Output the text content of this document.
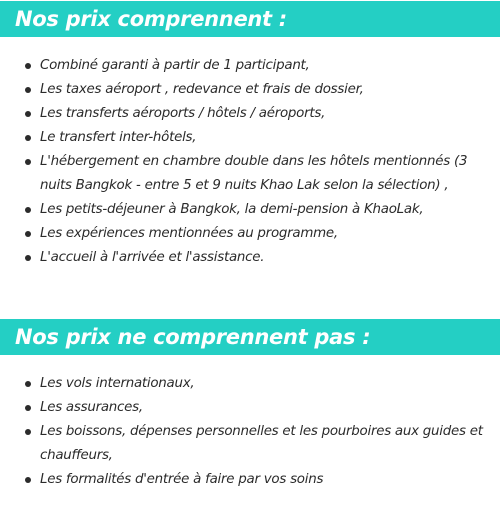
Nos prix comprennent :
Combiné garanti à partir de 1 participant,
Les taxes aéroport , redevance et frais de dossier,
Les transferts aéroports / hôtels / aéroports,
Le transfert inter-hôtels,
L'hébergement en chambre double dans les hôtels mentionnés (3 nuits Bangkok - entre 5 et 9 nuits Khao Lak selon la sélection) ,
Les petits-déjeuner à Bangkok, la demi-pension à KhaoLak,
Les expériences mentionnées au programme,
L'accueil à l'arrivée et l'assistance.
Nos prix ne comprennent pas :
Les vols internationaux,
Les assurances,
Les boissons, dépenses personnelles et les pourboires aux guides et chauffeurs,
Les formalités d'entrée à faire par vos soins
